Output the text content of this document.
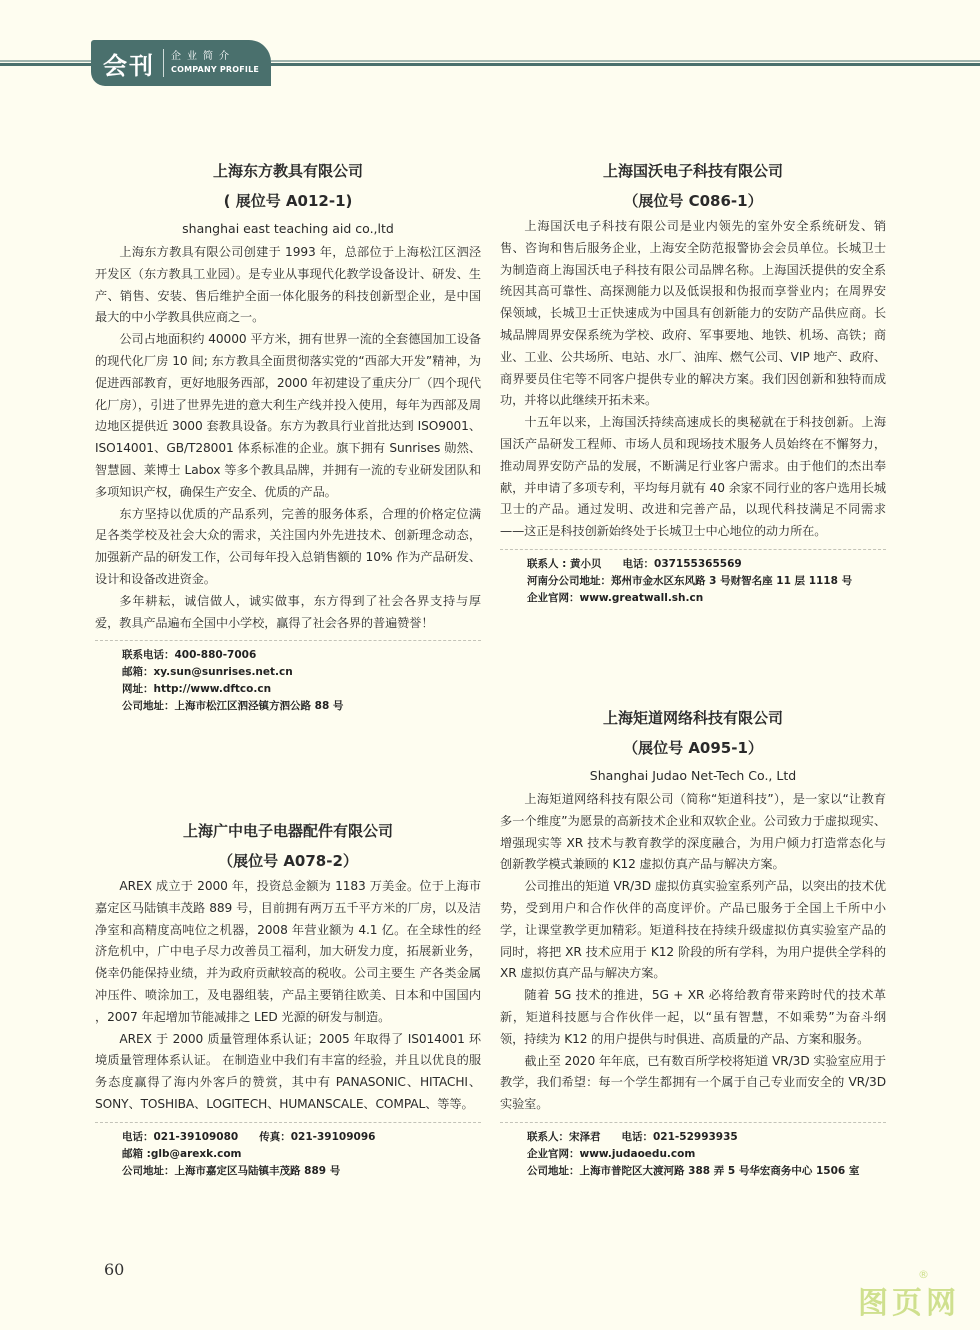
会刊 企业简介
COMPANY PROFILE

上海东方教具有限公司

( 展位号 A012-1)

shanghai east teaching aid co.,ltd

上海东方教具有限公司创建于 1993 年，总部位于上海松江区泗泾开发区（东方教具工业园）。是专业从事现代化教学设备设计、研发、生产、销售、安装、售后维护全面一体化服务的科技创新型企业，是中国最大的中小学教具供应商之一。

公司占地面积约 40000 平方米，拥有世界一流的全套德国加工设备的现代化厂房 10 间; 东方教具全面贯彻落实党的“西部大开发”精神，为促进西部教育，更好地服务西部，2000 年初建设了重庆分厂（四个现代化厂房），引进了世界先进的意大利生产线并投入使用，每年为西部及周边地区提供近 3000 套教具设备。东方为教具行业首批达到 ISO9001、ISO14001、GB/T28001 体系标准的企业。旗下拥有 Sunrises 勋然、智慧圆、莱博士 Labox 等多个教具品牌，并拥有一流的专业研发团队和多项知识产权，确保生产安全、优质的产品。

东方坚持以优质的产品系列，完善的服务体系，合理的价格定位满足各类学校及社会大众的需求，关注国内外先进技术、创新理念动态，加强新产品的研发工作，公司每年投入总销售额的 10% 作为产品研发、设计和设备改进资金。

多年耕耘，诚信做人，诚实做事，东方得到了社会各界支持与厚爱，教具产品遍布全国中小学校，赢得了社会各界的普遍赞誉！

联系电话：400-880-7006
邮箱：xy.sun@sunrises.net.cn
网址：http://www.dftco.cn
公司地址：上海市松江区泗泾镇方泗公路 88 号

上海广中电子电器配件有限公司

（展位号 A078-2）

AREX 成立于 2000 年，投资总金额为 1183 万美金。位于上海市嘉定区马陆镇丰茂路 889 号，目前拥有两万五千平方米的厂房，以及洁净室和高精度高吨位之机器，2008 年营业额为 4.1 亿。在全球性的经济危机中，广中电子尽力改善员工福利，加大研发力度，拓展新业务，侥幸仍能保持业绩，并为政府贡献较高的税收。公司主要生 产各类金属冲压件、喷涂加工，及电器组装，产品主要销往欧美、日本和中国国内 ，2007 年起增加节能减排之 LED 光源的研发与制造。

AREX 于 2000 质量管理体系认证；2005 年取得了 IS014001 环境质量管理体系认证。 在制造业中我们有丰富的经验，并且以优良的服务态度赢得了海内外客戶的赞赏，其中有 PANASONIC、HITACHI、SONY、TOSHIBA、LOGITECH、HUMANSCALE、COMPAL、等等。

电话：021-39109080　　传真：021-39109096
邮箱 :glb@arexk.com
公司地址：上海市嘉定区马陆镇丰茂路 889 号

上海国沃电子科技有限公司

（展位号 C086-1）

上海国沃电子科技有限公司是业内领先的室外安全系统研发、销售、咨询和售后服务企业，上海安全防范报警协会会员单位。长城卫士为制造商上海国沃电子科技有限公司品牌名称。上海国沃提供的安全系统因其高可靠性、高探测能力以及低误报和伪报而享誉业内；在周界安保领域，长城卫士正快速成为中国具有创新能力的安防产品供应商。长城品牌周界安保系统为学校、政府、军事要地、地铁、机场、高铁；商业、工业、公共场所、电站、水厂、油库、燃气公司、VIP 地产、政府、商界要员住宅等不同客户提供专业的解决方案。我们因创新和独特而成功，并将以此继续开拓未来。

十五年以来，上海国沃持续高速成长的奥秘就在于科技创新。上海国沃产品研发工程师、市场人员和现场技术服务人员始终在不懈努力，推动周界安防产品的发展，不断满足行业客户需求。由于他们的杰出奉献，并申请了多项专利，平均每月就有 40 余家不同行业的客户选用长城卫士的产品。通过发明、改进和完善产品，以现代科技满足不同需求——这正是科技创新始终处于长城卫士中心地位的动力所在。

联系人 : 黄小贝　　电话：037155365569
河南分公司地址：郑州市金水区东风路 3 号财智名座 11 层 1118 号
企业官网：www.greatwall.sh.cn

上海矩道网络科技有限公司

（展位号 A095-1）

Shanghai Judao Net-Tech Co., Ltd

上海矩道网络科技有限公司（简称“矩道科技”），是一家以“让教育多一个维度”为愿景的高新技术企业和双软企业。公司致力于虚拟现实、增强现实等 XR 技术与教育教学的深度融合，为用户倾力打造常态化与创新教学模式兼顾的 K12 虚拟仿真产品与解决方案。

公司推出的矩道 VR/3D 虚拟仿真实验室系列产品，以突出的技术优势，受到用户和合作伙伴的高度评价。产品已服务于全国上千所中小学，让课堂教学更加精彩。矩道科技在持续升级虚拟仿真实验室产品的同时，将把 XR 技术应用于 K12 阶段的所有学科，为用户提供全学科的 XR 虚拟仿真产品与解决方案。

随着 5G 技术的推进，5G + XR 必将给教育带来跨时代的技术革新，矩道科技愿与合作伙伴一起，以“虽有智慧，不如乘势”为奋斗纲领，持续为 K12 的用户提供与时俱进、高质量的产品、方案和服务。

截止至 2020 年年底，已有数百所学校将矩道 VR/3D 实验室应用于教学，我们希望：每一个学生都拥有一个属于自己专业而安全的 VR/3D 实验室。

联系人：宋泽君　　电话：021-52993935
企业官网：www.judaoedu.com
公司地址：上海市普陀区大渡河路 388 弄 5 号华宏商务中心 1506 室
60
图页网
®
